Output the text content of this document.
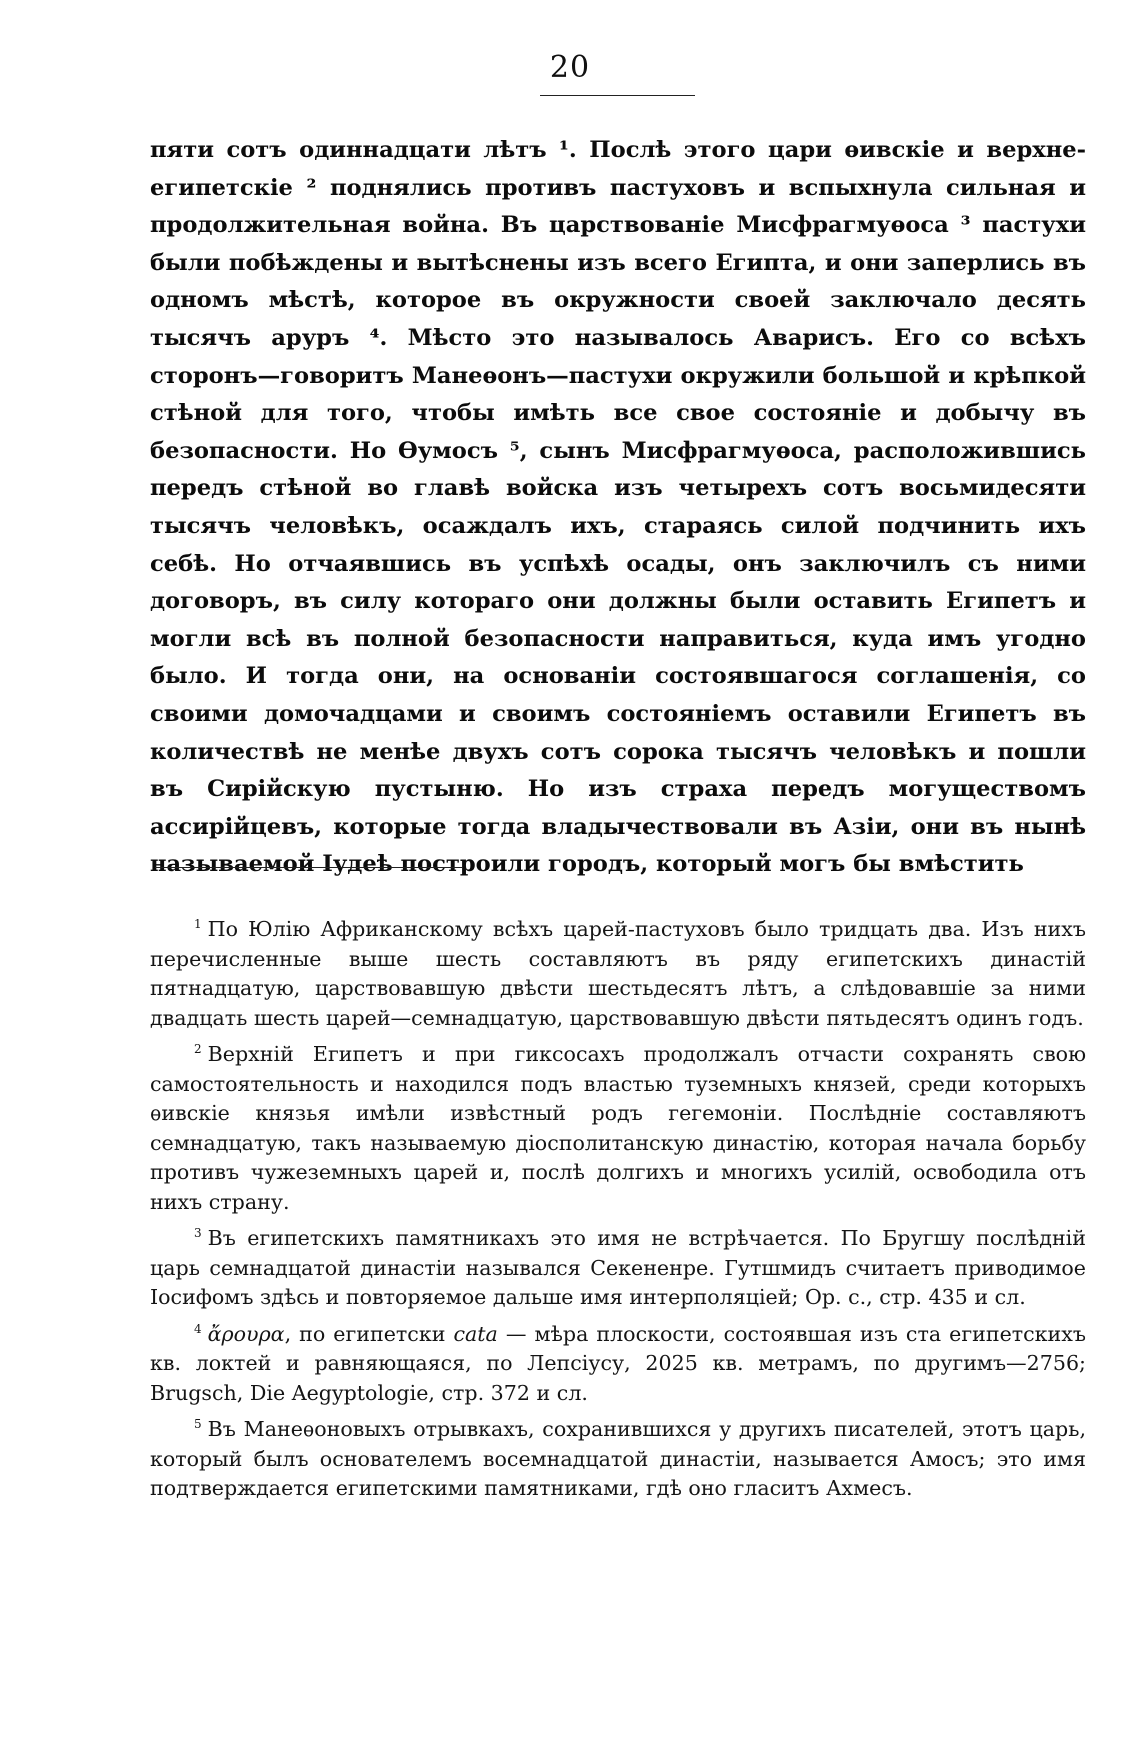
20
пяти сотъ одиннадцати лѣтъ ¹. Послѣ этого цари ѳивскіе и верхне-египетскіе ² поднялись противъ пастуховъ и вспыхнула сильная и продолжительная война. Въ царствованіе Мисфрагмуѳоса ³ пастухи были побѣждены и вытѣснены изъ всего Египта, и они заперлись въ одномъ мѣстѣ, которое въ окружности своей заключало десять тысячъ аруръ ⁴. Мѣсто это называлось Аварисъ. Его со всѣхъ сторонъ—говоритъ Манеѳонъ—пастухи окружили большой и крѣпкой стѣной для того, чтобы имѣть все свое состояніе и добычу въ безопасности. Но Ѳумосъ ⁵, сынъ Мисфрагмуѳоса, расположившись передъ стѣной во главѣ войска изъ четырехъ сотъ восьмидесяти тысячъ человѣкъ, осаждалъ ихъ, стараясь силой подчинить ихъ себѣ. Но отчаявшись въ успѣхѣ осады, онъ заключилъ съ ними договоръ, въ силу котораго они должны были оставить Египетъ и могли всѣ въ полной безопасности направиться, куда имъ угодно было. И тогда они, на основаніи состоявшагося соглашенія, со своими домочадцами и своимъ состояніемъ оставили Египетъ въ количествѣ не менѣе двухъ сотъ сорока тысячъ человѣкъ и пошли въ Сирійскую пустыню. Но изъ страха передъ могуществомъ ассирійцевъ, которые тогда владычествовали въ Азіи, они въ нынѣ называемой Іудеѣ построили городъ, который могъ бы вмѣстить

$^1$ По Юлію Африканскому всѣхъ царей-пастуховъ было тридцать два. Изъ нихъ перечисленные выше шесть составляютъ въ ряду египетскихъ династій пятнадцатую, царствовавшую двѣсти шестьдесятъ лѣтъ, а слѣдовавшіе за ними двадцать шесть царей—семнадцатую, царствовавшую двѣсти пятьдесятъ одинъ годъ.

$^2$ Верхній Египетъ и при гиксосахъ продолжалъ отчасти сохранять свою самостоятельность и находился подъ властью туземныхъ князей, среди которыхъ ѳивскіе князья имѣли извѣстный родъ гегемоніи. Послѣдніе составляютъ семнадцатую, такъ называемую діосполитанскую династію, которая начала борьбу противъ чужеземныхъ царей и, послѣ долгихъ и многихъ усилій, освободила отъ нихъ страну.

$^3$ Въ египетскихъ памятникахъ это имя не встрѣчается. По Бругшу послѣдній царь семнадцатой династіи назывался Секененре. Гутшмидъ считаетъ приводимое Іосифомъ здѣсь и повторяемое дальше имя интерполяціей; Ор. с., стр. 435 и сл.

$^4$ ἄρουρα, по египетски сata — мѣра плоскости, состоявшая изъ ста египетскихъ кв. локтей и равняющаяся, по Лепсіусу, 2025 кв. метрамъ, по другимъ—2756; Brugsch, Die Aegyptologie, стр. 372 и сл.

$^5$ Въ Манеѳоновыхъ отрывкахъ, сохранившихся у другихъ писателей, этотъ царь, который былъ основателемъ восемнадцатой династіи, называется Амосъ; это имя подтверждается египетскими памятниками, гдѣ оно гласитъ Ахмесъ.
